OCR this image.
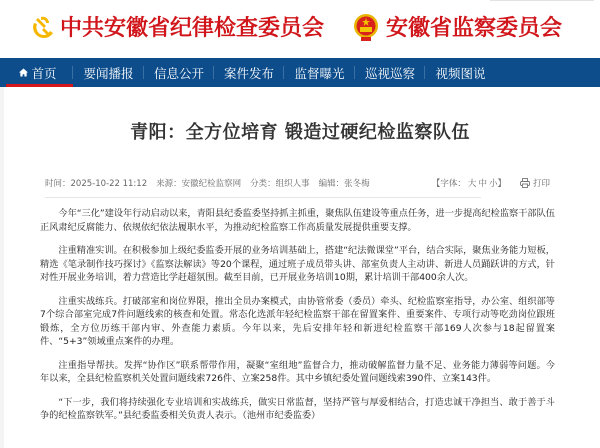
中共安徽省纪律检查委员会	安徽省监察委员会
首页 要闻播报 信息公开 案件发布 监督曝光 巡视巡察 视频图说
青阳：全方位培育 锻造过硬纪检监察队伍
时间：2025-10-22 11:12 来源：安徽纪检监察网 分类：组织人事 编辑：张冬梅	【字体： 大 中 小】	打印

今年“三化”建设年行动启动以来，青阳县纪委监委坚持抓主抓重，聚焦队伍建设等重点任务，进一步提高纪检监察干部队伍正风肃纪反腐能力、依规依纪依法履职水平，为推动纪检监察工作高质量发展提供重要支撑。

注重精准实训。在积极参加上级纪委监委开展的业务培训基础上，搭建“纪法微课堂”平台，结合实际，聚焦业务能力短板，精选《笔录制作技巧探讨》《监察法解读》等20个课程，通过班子成员带头讲、部室负责人主动讲、新进人员踊跃讲的方式，针对性开展业务培训，着力营造比学赶超氛围。截至目前，已开展业务培训10期，累计培训干部400余人次。

注重实战练兵。打破部室和岗位界限，推出全员办案模式，由协管常委（委员）牵头、纪检监察室指导，办公室、组织部等7个综合部室完成7件问题线索的核查和处置。常态化选派年轻纪检监察干部在留置案件、重要案件、专项行动等吃劲岗位跟班锻炼，全方位历练干部内审、外查能力素质。今年以来，先后安排年轻和新进纪检监察干部169人次参与18起留置案件、“5+3”领域重点案件的办理。

注重指导帮扶。发挥“协作区”联系帮带作用，凝聚“室组地”监督合力，推动破解监督力量不足、业务能力薄弱等问题。今年以来，全县纪检监察机关处置问题线索726件、立案258件。其中乡镇纪委处置问题线索390件、立案143件。

“下一步，我们将持续强化专业培训和实战练兵，做实日常监督，坚持严管与厚爱相结合，打造忠诚干净担当、敢于善于斗争的纪检监察铁军。”县纪委监委相关负责人表示。（池州市纪委监委）
